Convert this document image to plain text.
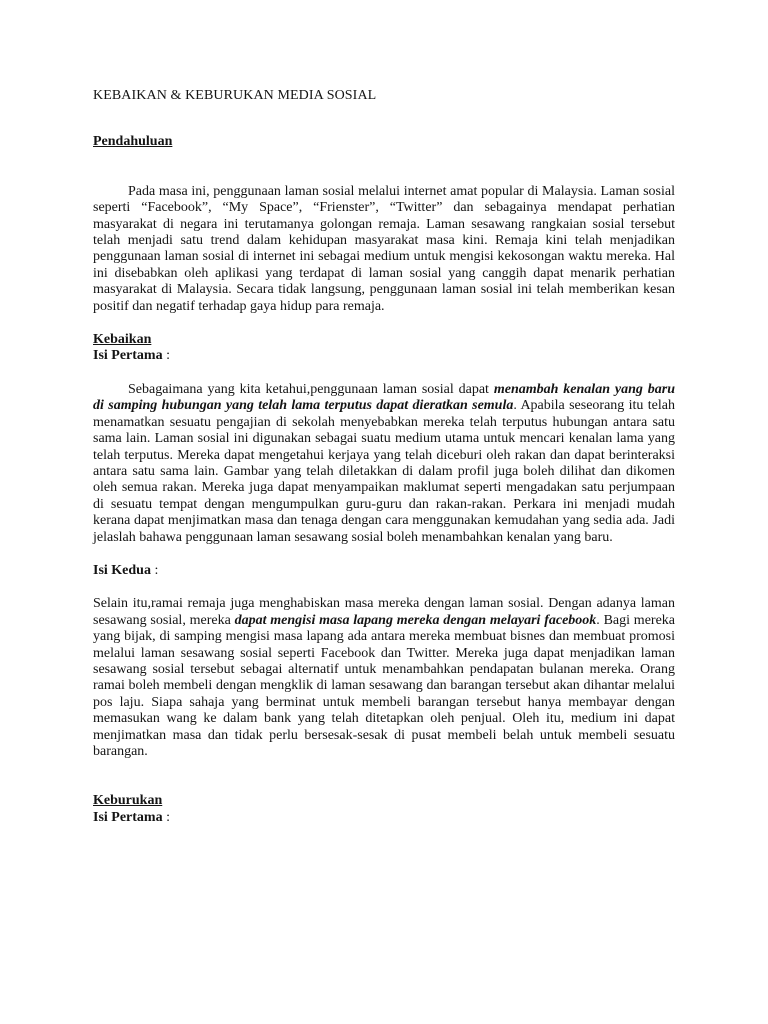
KEBAIKAN & KEBURUKAN MEDIA SOSIAL

Pendahuluan

Pada masa ini, penggunaan laman sosial melalui internet amat popular di Malaysia. Laman sosial seperti “Facebook”, “My Space”, “Frienster”, “Twitter” dan sebagainya mendapat perhatian masyarakat di negara ini terutamanya golongan remaja. Laman sesawang rangkaian sosial tersebut telah menjadi satu trend dalam kehidupan masyarakat masa kini. Remaja kini telah menjadikan penggunaan laman sosial di internet ini sebagai medium untuk mengisi kekosongan waktu mereka. Hal ini disebabkan oleh aplikasi yang terdapat di laman sosial yang canggih dapat menarik perhatian masyarakat di Malaysia. Secara tidak langsung, penggunaan laman sosial ini telah memberikan kesan positif dan negatif terhadap gaya hidup para remaja.

Kebaikan

Isi Pertama :

Sebagaimana yang kita ketahui,penggunaan laman sosial dapat menambah kenalan yang baru di samping hubungan yang telah lama terputus dapat dieratkan semula. Apabila seseorang itu telah menamatkan sesuatu pengajian di sekolah menyebabkan mereka telah terputus hubungan antara satu sama lain. Laman sosial ini digunakan sebagai suatu medium utama untuk mencari kenalan lama yang telah terputus. Mereka dapat mengetahui kerjaya yang telah diceburi oleh rakan dan dapat berinteraksi antara satu sama lain. Gambar yang telah diletakkan di dalam profil juga boleh dilihat dan dikomen oleh semua rakan. Mereka juga dapat menyampaikan maklumat seperti mengadakan satu perjumpaan di sesuatu tempat dengan mengumpulkan guru-guru dan rakan-rakan. Perkara ini menjadi mudah kerana dapat menjimatkan masa dan tenaga dengan cara menggunakan kemudahan yang sedia ada. Jadi jelaslah bahawa penggunaan laman sesawang sosial boleh menambahkan kenalan yang baru.

Isi Kedua :

Selain itu,ramai remaja juga menghabiskan masa mereka dengan laman sosial. Dengan adanya laman sesawang sosial, mereka dapat mengisi masa lapang mereka dengan melayari facebook. Bagi mereka yang bijak, di samping mengisi masa lapang ada antara mereka membuat bisnes dan membuat promosi melalui laman sesawang sosial seperti Facebook dan Twitter. Mereka juga dapat menjadikan laman sesawang sosial tersebut sebagai alternatif untuk menambahkan pendapatan bulanan mereka. Orang ramai boleh membeli dengan mengklik di laman sesawang dan barangan tersebut akan dihantar melalui pos laju. Siapa sahaja yang berminat untuk membeli barangan tersebut hanya membayar dengan memasukan wang ke dalam bank yang telah ditetapkan oleh penjual. Oleh itu, medium ini dapat menjimatkan masa dan tidak perlu bersesak-sesak di pusat membeli belah untuk membeli sesuatu barangan.

Keburukan

Isi Pertama :
